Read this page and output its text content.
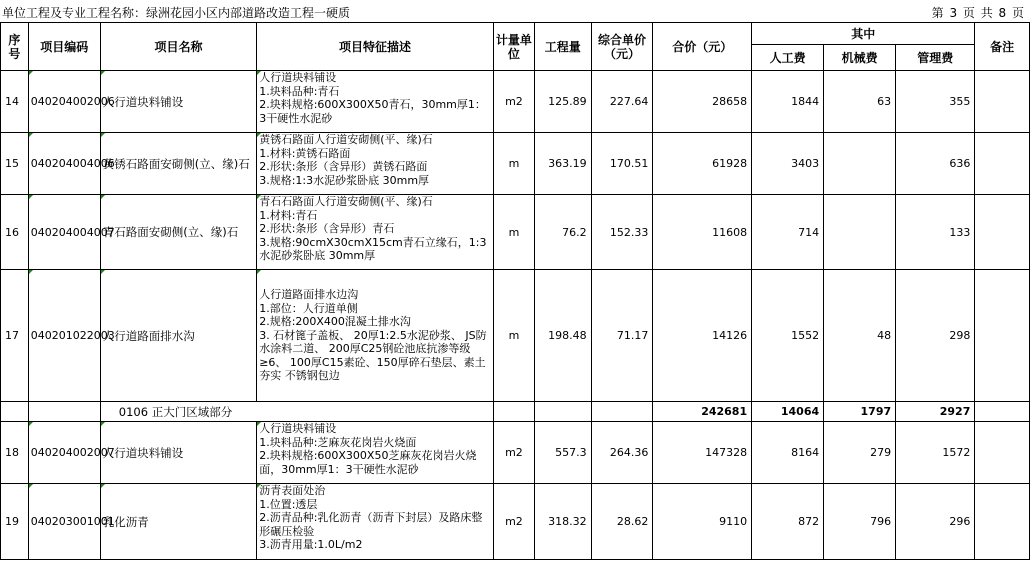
单位工程及专业工程名称：绿洲花园小区内部道路改造工程一硬质	第 3 页 共 8 页
序号	项目编码	项目名称	项目特征描述	计量单位	工程量	综合单价（元）	合价（元）	其中			备注
								人工费	机械费	管理费	
14	040204002006	人行道块料铺设	人行道块料铺设
1.块料品种:青石
2.块料规格:600X300X50青石，30mm厚1：3干硬性水泥砂	m2	125.89	227.64	28658	1844	63	355	
15	040204004006	黄锈石路面安砌侧(立、缘)石	黄锈石路面人行道安砌侧(平、缘)石
1.材料:黄锈石路面
2.形状:条形（含异形）黄锈石路面
3.规格:1:3水泥砂浆卧底 30mm厚	m	363.19	170.51	61928	3403		636	
16	040204004007	青石路面安砌侧(立、缘)石	青石石路面人行道安砌侧(平、缘)石
1.材料:青石
2.形状:条形（含异形）青石
3.规格:90cmX30cmX15cm青石立缘石，1:3水泥砂浆卧底 30mm厚	m	76.2	152.33	11608	714		133	
17	040201022003	人行道路面排水沟	人行道路面排水边沟
1.部位：人行道单侧
2.规格:200X400混凝土排水沟
3. 石材篦子盖板、 20厚1:2.5水泥砂浆、 JS防水涂料二道、 200厚C25钢砼池底抗渗等级≥6、 100厚C15素砼、150厚碎石垫层、素土夯实 不锈钢包边	m	198.48	71.17	14126	1552	48	298	
		0106 正大门区域部分					242681	14064	1797	2927	
18	040204002007	人行道块料铺设	人行道块料铺设
1.块料品种:芝麻灰花岗岩火烧面
2.块料规格:600X300X50芝麻灰花岗岩火烧面，30mm厚1：3干硬性水泥砂	m2	557.3	264.36	147328	8164	279	1572	
19	040203001001	乳化沥青	沥青表面处治
1.位置:透层
2.沥青品种:乳化沥青（沥青下封层）及路床整形碾压检验
3.沥青用量:1.0L/m2	m2	318.32	28.62	9110	872	796	296	
